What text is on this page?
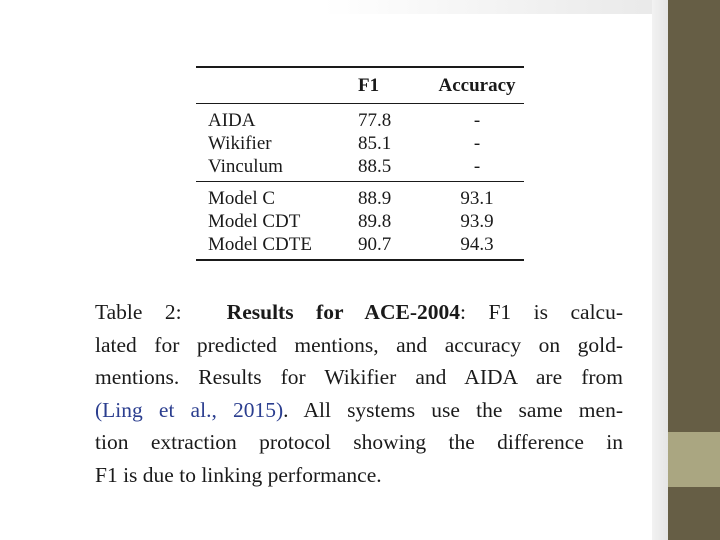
	F1	Accuracy
AIDA	77.8	-
Wikifier	85.1	-
Vinculum	88.5	-
Model C	88.9	93.1
Model CDT	89.8	93.9
Model CDTE	90.7	94.3
Table 2: Results for ACE-2004: F1 is calcu-
lated for predicted mentions, and accuracy on gold-
mentions. Results for Wikifier and AIDA are from
(Ling et al., 2015). All systems use the same men-
tion extraction protocol showing the difference in
F1 is due to linking performance.
